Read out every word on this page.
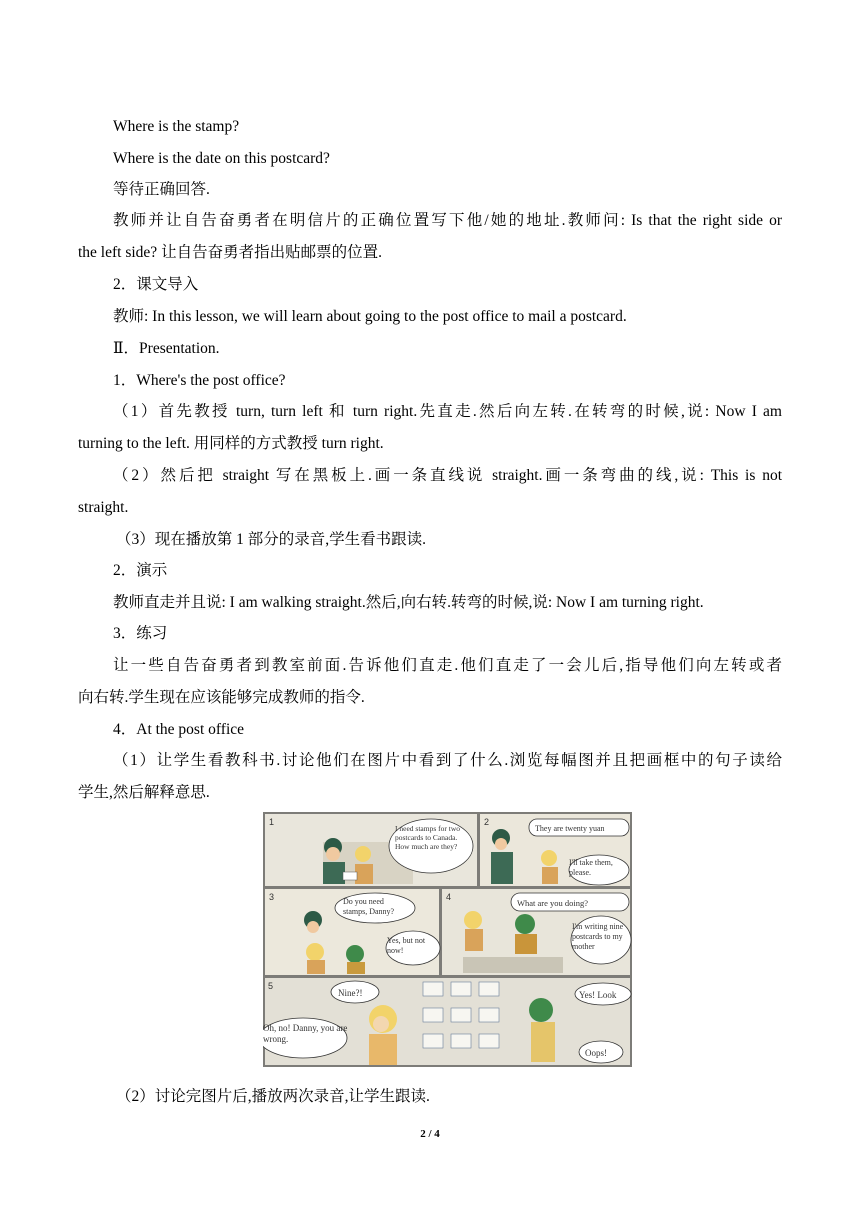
Where is the stamp?
Where is the date on this postcard?
等待正确回答.
教师并让自告奋勇者在明信片的正确位置写下他/她的地址.教师问: Is that the right side or
the left side? 让自告奋勇者指出贴邮票的位置.
2．课文导入
教师: In this lesson, we will learn about going to the post office to mail a postcard.
Ⅱ．Presentation.
1．Where's the post office?
（1）首先教授 turn, turn left 和 turn right.先直走.然后向左转.在转弯的时候,说: Now I am
turning to the left. 用同样的方式教授 turn right.
（2）然后把 straight 写在黑板上.画一条直线说 straight.画一条弯曲的线,说: This is not
straight.
（3）现在播放第 1 部分的录音,学生看书跟读.
2．演示
教师直走并且说: I am walking straight.然后,向右转.转弯的时候,说: Now I am turning right.
3．练习
让一些自告奋勇者到教室前面.告诉他们直走.他们直走了一会儿后,指导他们向左转或者
向右转.学生现在应该能够完成教师的指令.
4．At the post office
（1）让学生看教科书.讨论他们在图片中看到了什么.浏览每幅图并且把画框中的句子读给
学生,然后解释意思.
1	2
3	4
5
I need stamps for two postcards to Canada. How much are they?
They are twenty yuan
I'll take them, please.
Do you need stamps, Danny?
Yes, but not now!
What are you doing?
I'm writing nine postcards to my mother
Nine?!	Yes! Look
Oh, no! Danny, you are wrong.
Oops!
（2）讨论完图片后,播放两次录音,让学生跟读.
2 / 4
